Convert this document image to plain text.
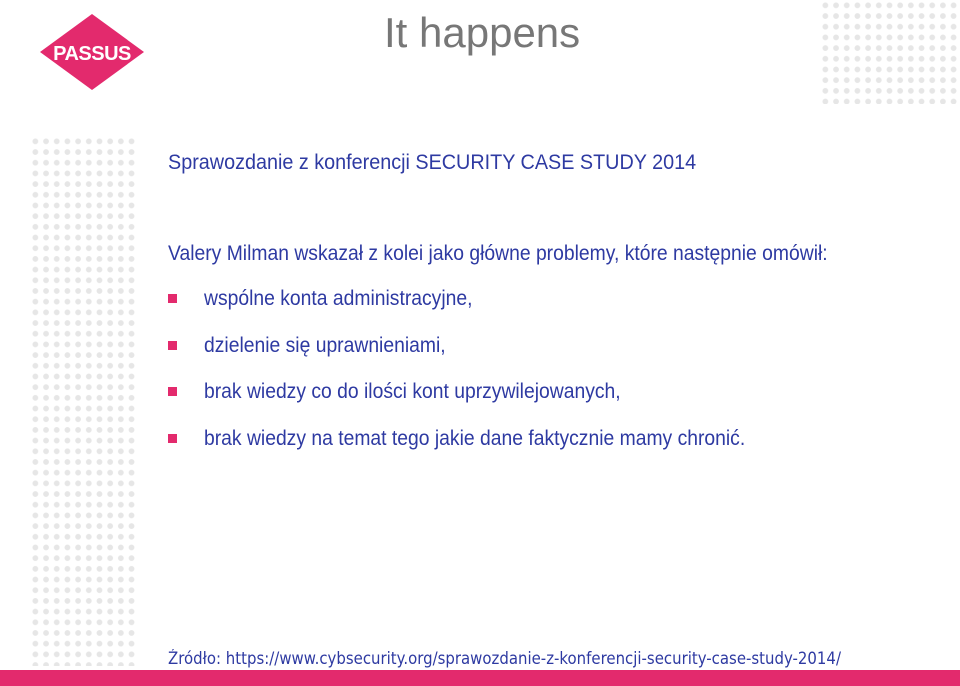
PASSUS	It happens

Sprawozdanie z konferencji SECURITY CASE STUDY 2014

Valery Milman wskazał z kolei jako główne problemy, które następnie omówił:

wspólne konta administracyjne,
dzielenie się uprawnieniami,
brak wiedzy co do ilości kont uprzywilejowanych,
brak wiedzy na temat tego jakie dane faktycznie mamy chronić.

Źródło: https://www.cybsecurity.org/sprawozdanie-z-konferencji-security-case-study-2014/
